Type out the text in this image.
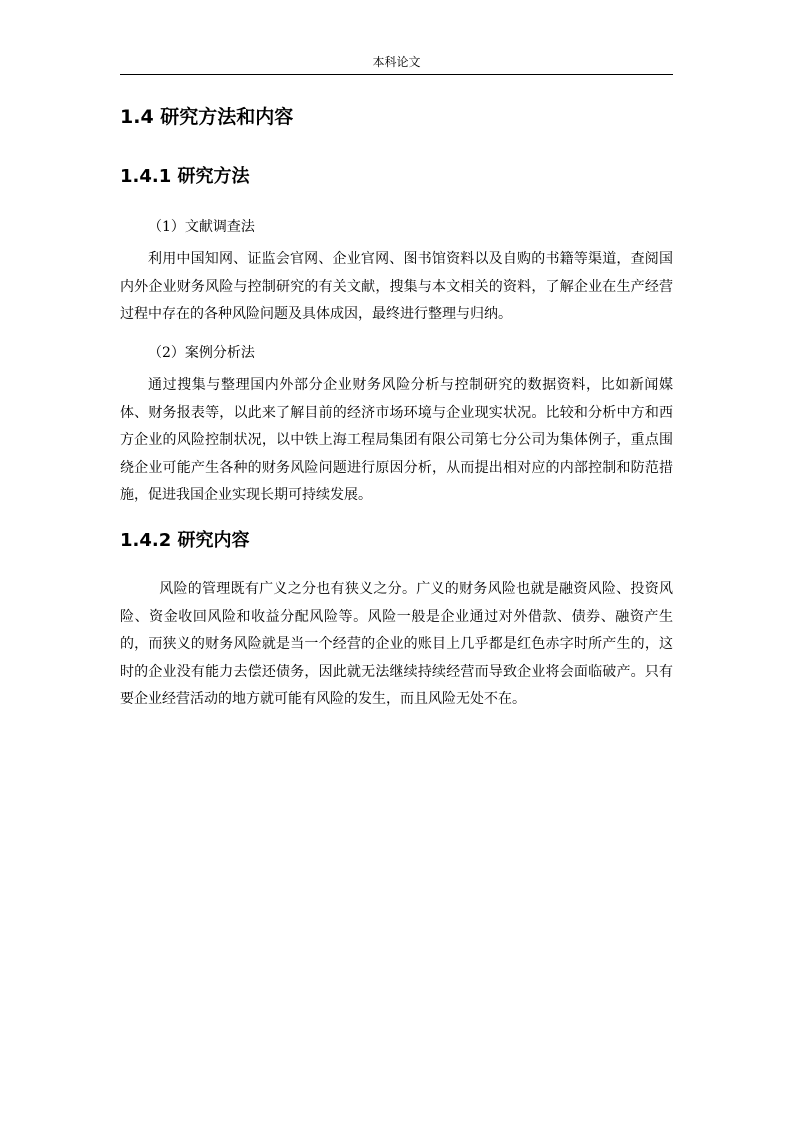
本科论文
1.4 研究方法和内容
1.4.1 研究方法
（1）文献调查法

利用中国知网、证监会官网、企业官网、图书馆资料以及自购的书籍等渠道，查阅国内外企业财务风险与控制研究的有关文献，搜集与本文相关的资料，了解企业在生产经营过程中存在的各种风险问题及具体成因，最终进行整理与归纳。

（2）案例分析法

通过搜集与整理国内外部分企业财务风险分析与控制研究的数据资料，比如新闻媒体、财务报表等，以此来了解目前的经济市场环境与企业现实状况。比较和分析中方和西方企业的风险控制状况，以中铁上海工程局集团有限公司第七分公司为集体例子，重点围绕企业可能产生各种的财务风险问题进行原因分析，从而提出相对应的内部控制和防范措施，促进我国企业实现长期可持续发展。

1.4.2 研究内容

风险的管理既有广义之分也有狭义之分。广义的财务风险也就是融资风险、投资风险、资金收回风险和收益分配风险等。风险一般是企业通过对外借款、债券、融资产生的，而狭义的财务风险就是当一个经营的企业的账目上几乎都是红色赤字时所产生的，这时的企业没有能力去偿还债务，因此就无法继续持续经营而导致企业将会面临破产。只有要企业经营活动的地方就可能有风险的发生，而且风险无处不在。
